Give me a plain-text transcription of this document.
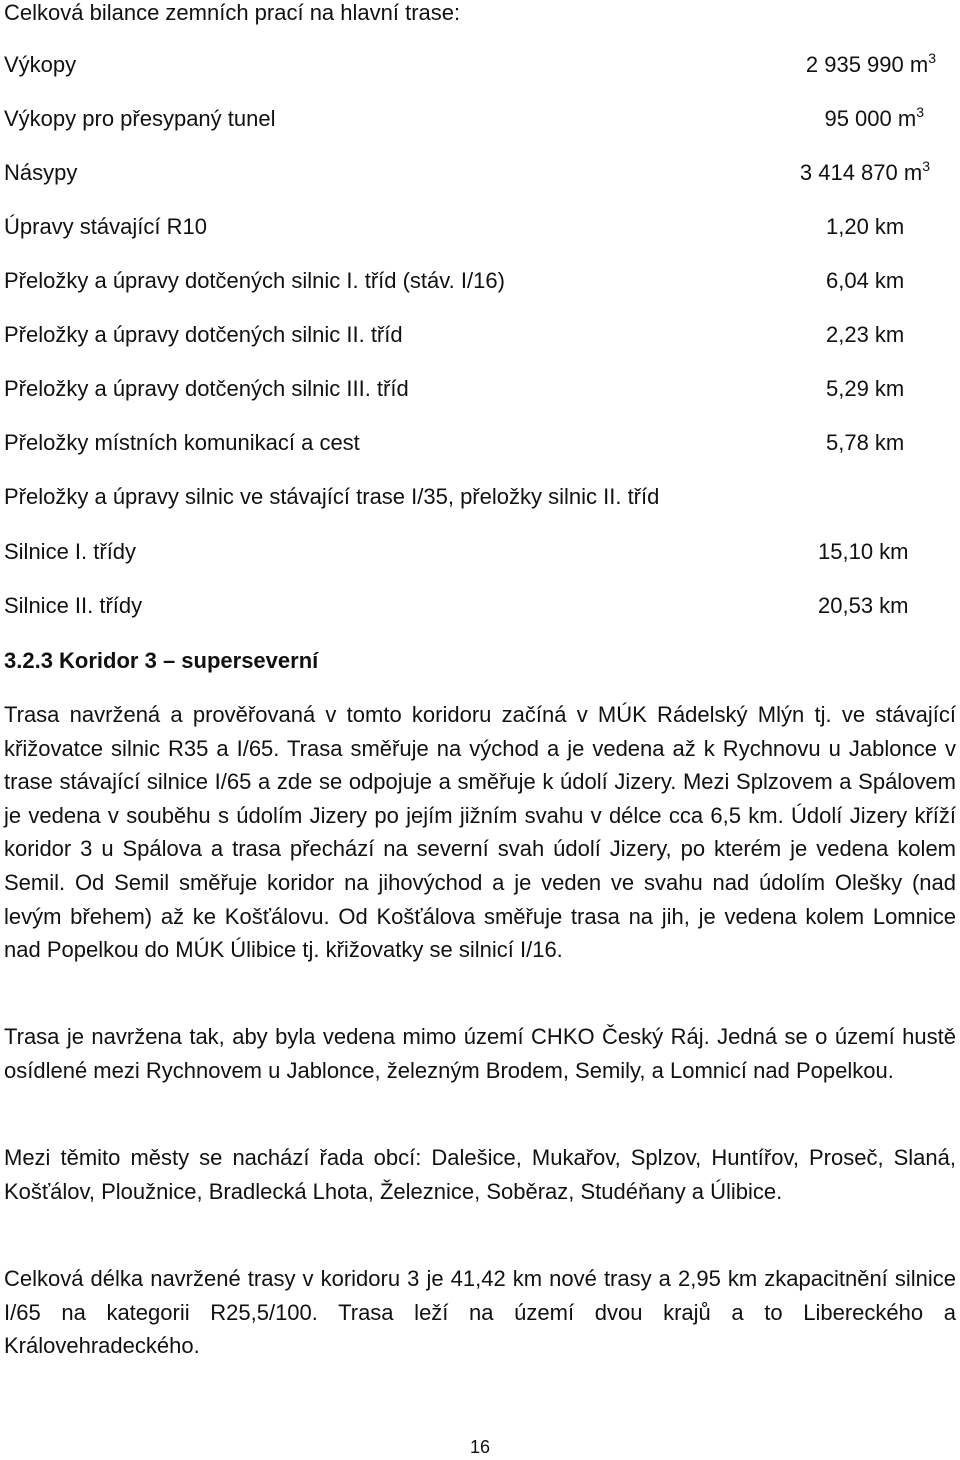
Celková bilance zemních prací na hlavní trase:
Výkopy	2 935 990 $m^3$
Výkopy pro přesypaný tunel	95 000 $m^3$
Násypy	3 414 870 $m^3$
Úpravy stávající R10	1,20 km
Přeložky a úpravy dotčených silnic I. tříd (stáv. I/16)	6,04 km
Přeložky a úpravy dotčených silnic II. tříd	2,23 km
Přeložky a úpravy dotčených silnic III. tříd	5,29 km
Přeložky místních komunikací a cest	5,78 km
Přeložky a úpravy silnic ve stávající trase I/35, přeložky silnic II. tříd
Silnice I. třídy	15,10 km
Silnice II. třídy	20,53 km
3.2.3 Koridor 3 – superseverní

Trasa navržená a prověřovaná v tomto koridoru začíná v MÚK Rádelský Mlýn tj. ve stávající křižovatce silnic R35 a I/65. Trasa směřuje na východ a je vedena až k Rychnovu u Jablonce v trase stávající silnice I/65 a zde se odpojuje a směřuje k údolí Jizery. Mezi Splzovem a Spálovem je vedena v souběhu s údolím Jizery po jejím jižním svahu v délce cca 6,5 km. Údolí Jizery kříží koridor 3 u Spálova a trasa přechází na severní svah údolí Jizery, po kterém je vedena kolem Semil. Od Semil směřuje koridor na jihovýchod a je veden ve svahu nad údolím Olešky (nad levým břehem) až ke Košťálovu. Od Košťálova směřuje trasa na jih, je vedena kolem Lomnice nad Popelkou do MÚK Úlibice tj. křižovatky se silnicí I/16.

Trasa je navržena tak, aby byla vedena mimo území CHKO Český Ráj. Jedná se o území hustě osídlené mezi Rychnovem u Jablonce, železným Brodem, Semily, a Lomnicí nad Popelkou.

Mezi těmito městy se nachází řada obcí: Dalešice, Mukařov, Splzov, Huntířov, Proseč, Slaná, Košťálov, Ploužnice, Bradlecká Lhota, Železnice, Soběraz, Studéňany a Úlibice.

Celková délka navržené trasy v koridoru 3 je 41,42 km nové trasy a 2,95 km zkapacitnění silnice I/65 na kategorii R25,5/100. Trasa leží na území dvou krajů a to Libereckého a Královehradeckého.

16
